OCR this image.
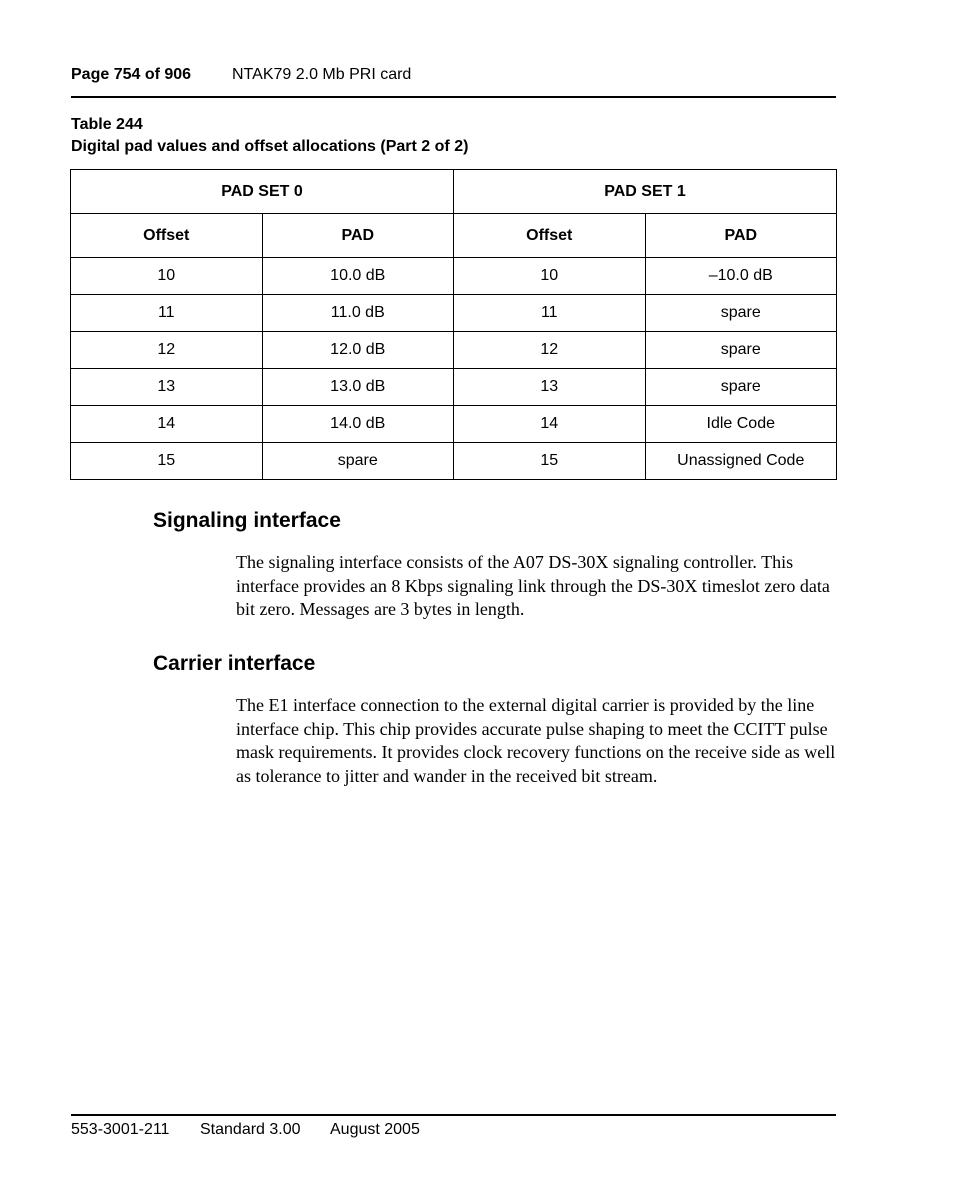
Page 754 of 906	NTAK79 2.0 Mb PRI card
Table 244
Digital pad values and offset allocations (Part 2 of 2)
PAD SET 0		PAD SET 1	
Offset	PAD	Offset	PAD
10	10.0 dB	10	–10.0 dB
11	11.0 dB	11	spare
12	12.0 dB	12	spare
13	13.0 dB	13	spare
14	14.0 dB	14	Idle Code
15	spare	15	Unassigned Code
Signaling interface

The signaling interface consists of the A07 DS-30X signaling controller. This interface provides an 8 Kbps signaling link through the DS-30X timeslot zero data bit zero. Messages are 3 bytes in length.

Carrier interface

The E1 interface connection to the external digital carrier is provided by the line interface chip. This chip provides accurate pulse shaping to meet the CCITT pulse mask requirements. It provides clock recovery functions on the receive side as well as tolerance to jitter and wander in the received bit stream.

553-3001-211 Standard 3.00 August 2005
